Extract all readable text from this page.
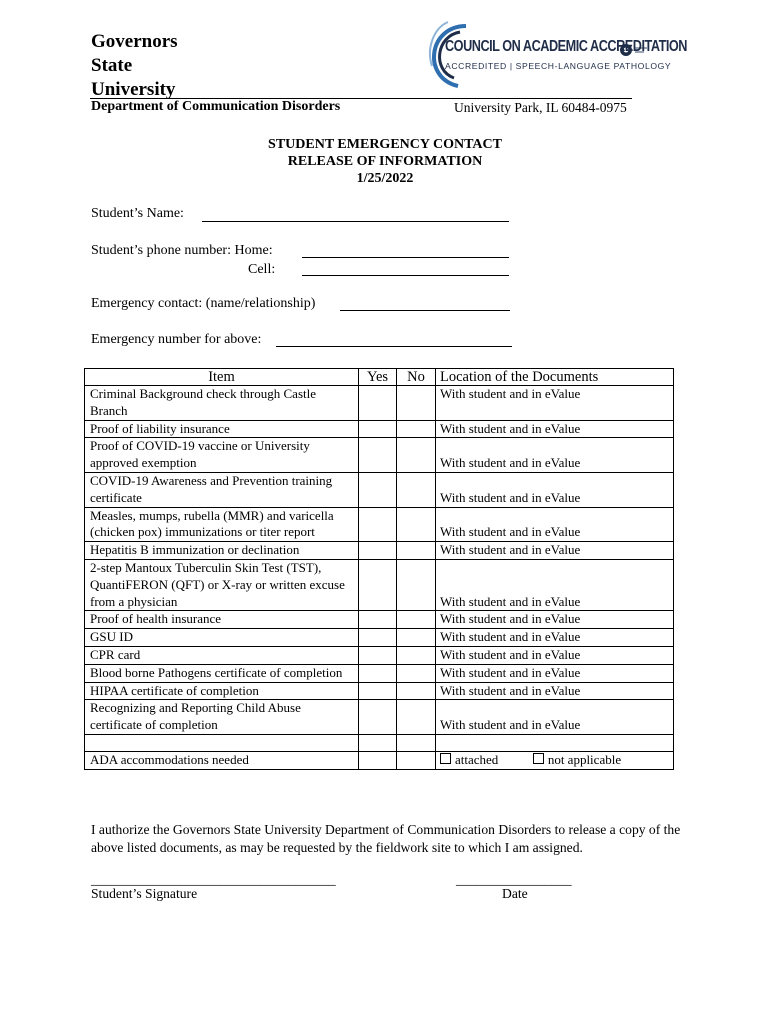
Governors
State
University
Department of Communication Disorders	University Park, IL 60484-0975
COUNCIL ON ACADEMIC ACCREDITATION
ACCREDITED | SPEECH-LANGUAGE PATHOLOGY
STUDENT EMERGENCY CONTACT
RELEASE OF INFORMATION
1/25/2022
Student’s Name:
Student’s phone number: Home:
Cell:
Emergency contact: (name/relationship)
Emergency number for above:
Item	Yes	No	Location of the Documents
Criminal Background check through Castle Branch			With student and in eValue
Proof of liability insurance			With student and in eValue
Proof of COVID-19 vaccine or University approved exemption			With student and in eValue
COVID-19 Awareness and Prevention training certificate			With student and in eValue
Measles, mumps, rubella (MMR) and varicella (chicken pox) immunizations or titer report			With student and in eValue
Hepatitis B immunization or declination			With student and in eValue
2-step Mantoux Tuberculin Skin Test (TST), QuantiFERON (QFT) or X-ray or written excuse from a physician			With student and in eValue
Proof of health insurance			With student and in eValue
GSU ID			With student and in eValue
CPR card			With student and in eValue
Blood borne Pathogens certificate of completion			With student and in eValue
HIPAA certificate of completion			With student and in eValue
Recognizing and Reporting Child Abuse certificate of completion			With student and in eValue

ADA accommodations needed			attached not applicable
I authorize the Governors State University Department of Communication Disorders to release a copy of the above listed documents, as may be requested by the fieldwork site to which I am assigned.
____________________________________
Student’s Signature
_________________
Date
